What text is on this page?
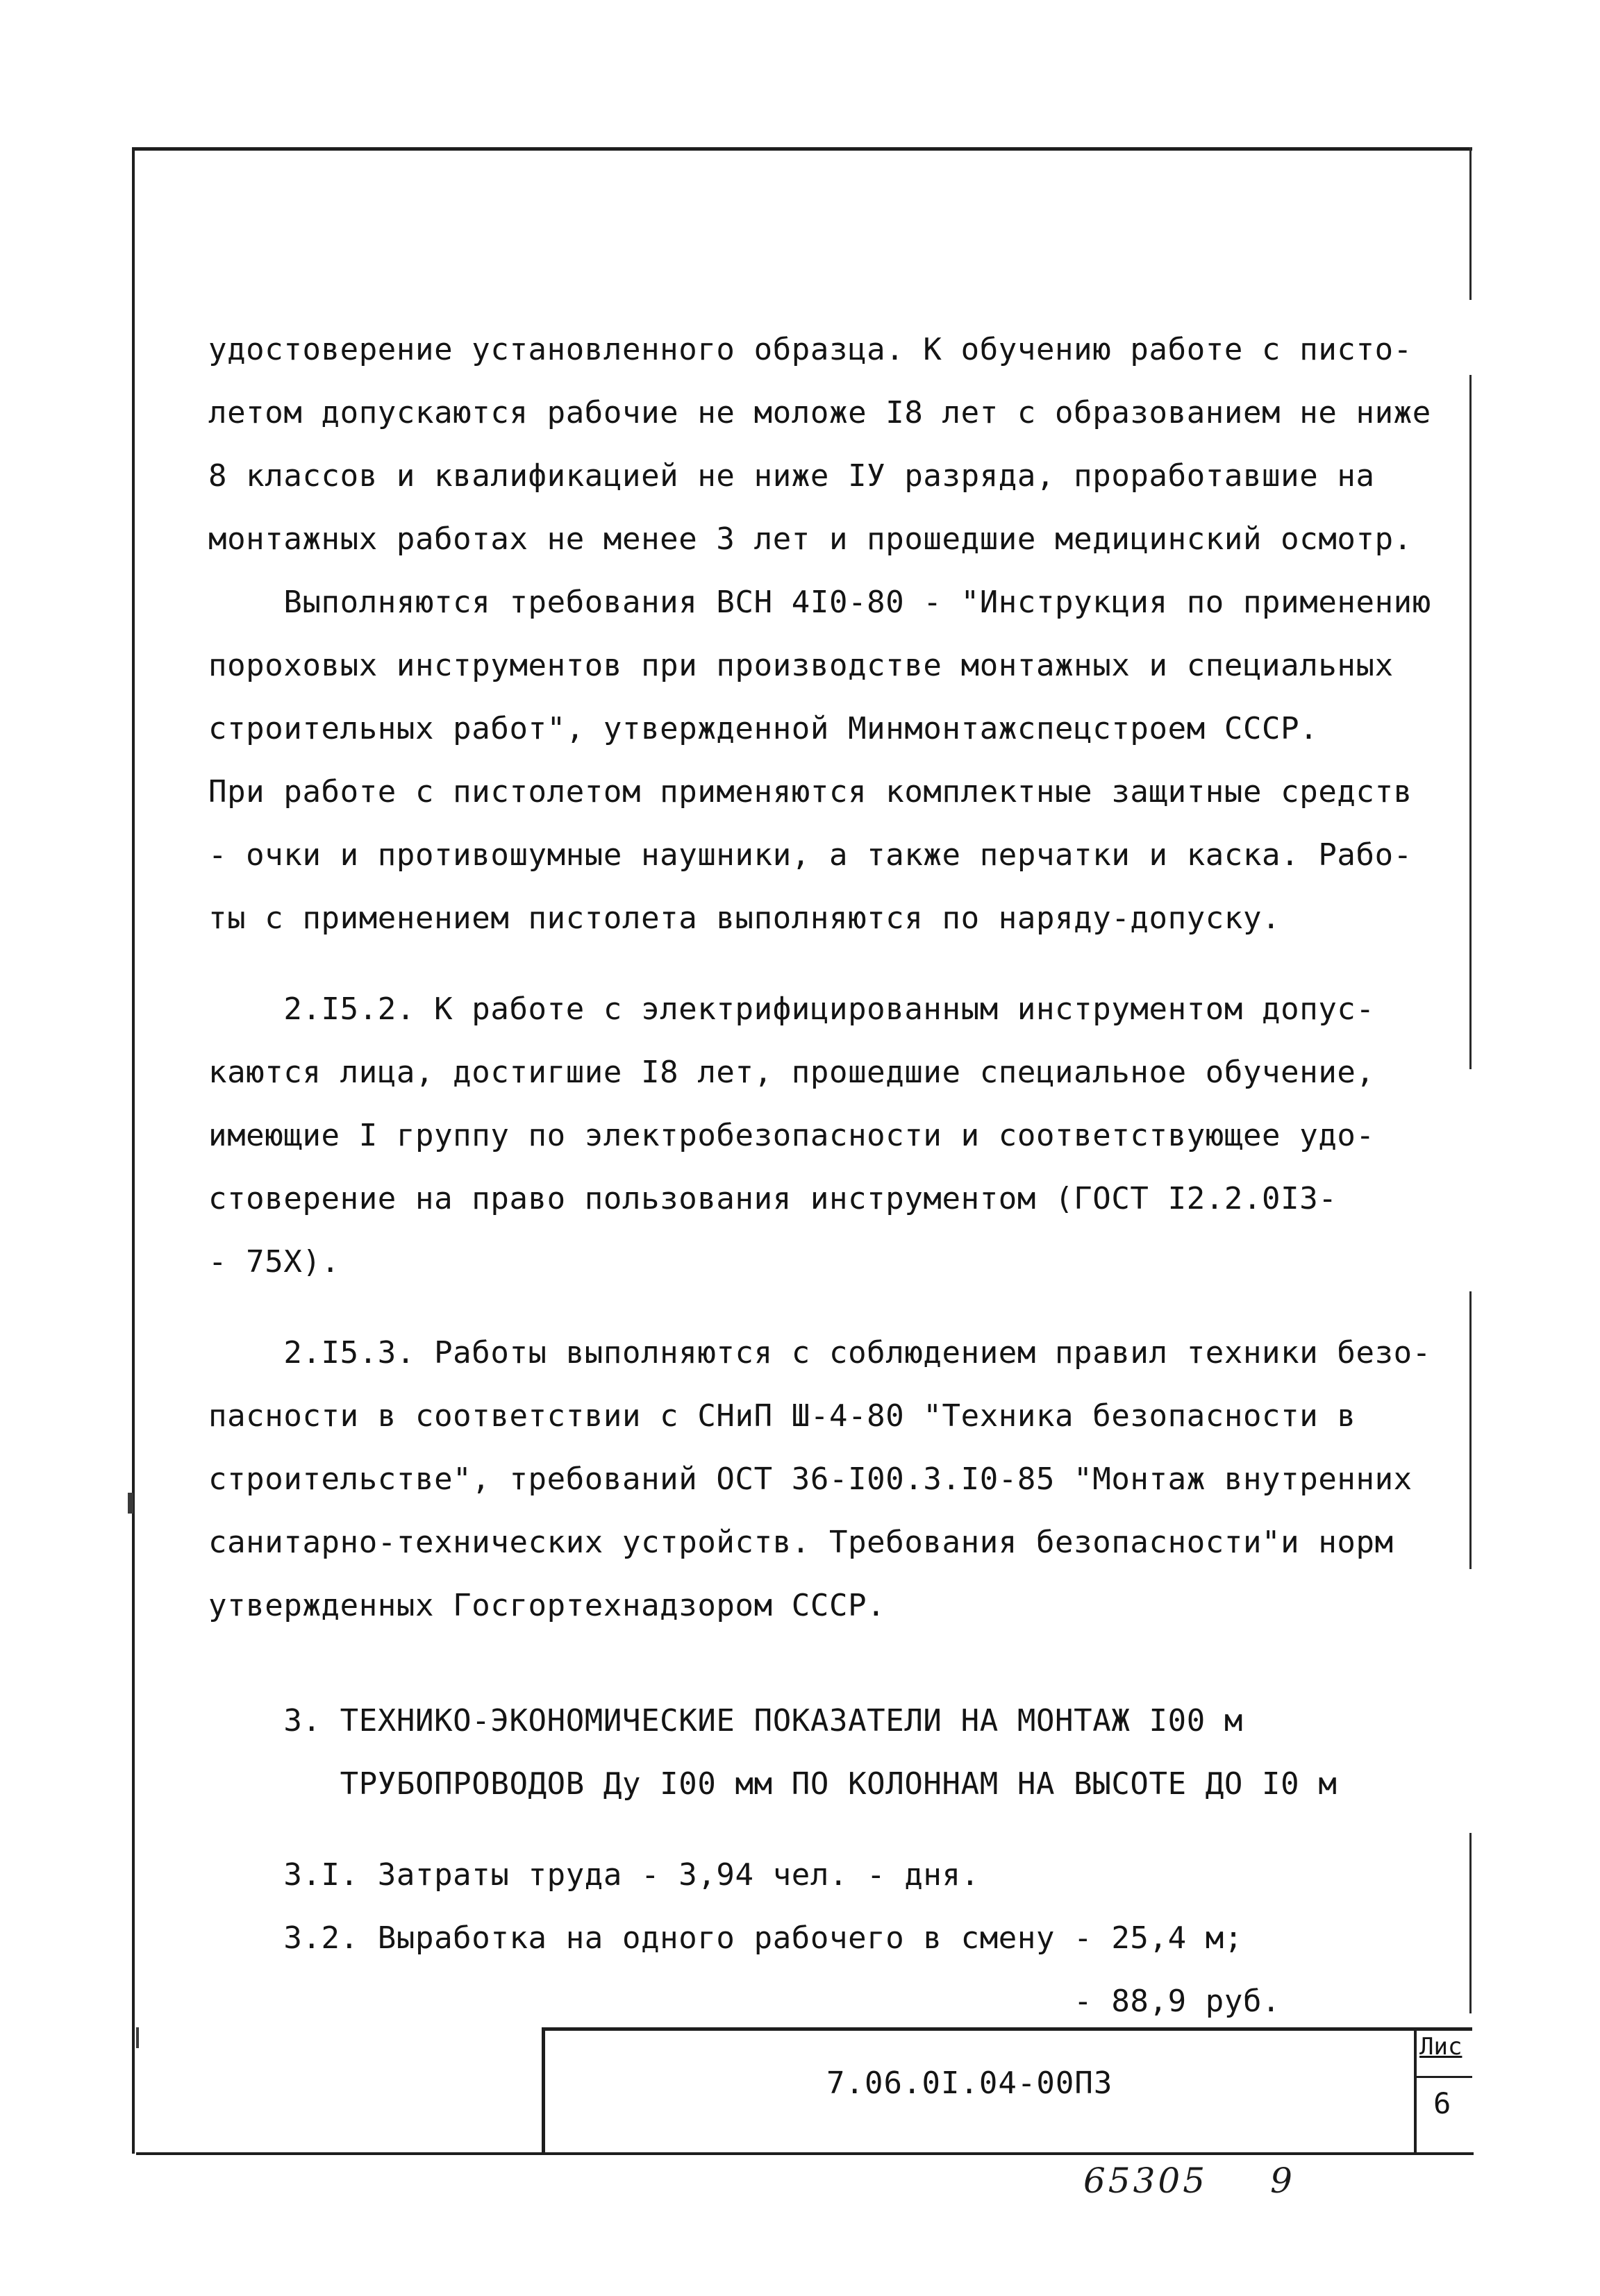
удостоверение установленного образца. К обучению работе с писто-
летом допускаются рабочие не моложе I8 лет с образованием не ниже
8 классов и квалификацией не ниже IУ разряда, проработавшие на
монтажных работах не менее 3 лет и прошедшие медицинский осмотр.
Выполняются требования ВСН 4I0-80 - "Инструкция по применению
пороховых инструментов при производстве монтажных и специальных
строительных работ", утвержденной Минмонтажспецстроем СССР.
При работе с пистолетом применяются комплектные защитные средств
- очки и противошумные наушники, а также перчатки и каска. Рабо-
ты с применением пистолета выполняются по наряду-допуску.
2.I5.2. К работе с электрифицированным инструментом допус-
каются лица, достигшие I8 лет, прошедшие специальное обучение,
имеющие I группу по электробезопасности и соответствующее удо-
стоверение на право пользования инструментом (ГОСТ I2.2.0I3-
- 75Х).
2.I5.3. Работы выполняются с соблюдением правил техники безо-
пасности в соответствии с СНиП Ш-4-80 "Техника безопасности в
строительстве", требований ОСТ 36-I00.3.I0-85 "Монтаж внутренних
санитарно-технических устройств. Требования безопасности"и норм
утвержденных Госгортехнадзором СССР.
3. ТЕХНИКО-ЭКОНОМИЧЕСКИЕ ПОКАЗАТЕЛИ НА МОНТАЖ I00 м
ТРУБОПРОВОДОВ Ду I00 мм ПО КОЛОННАМ НА ВЫСОТЕ ДО I0 м
3.I. Затраты труда - 3,94 чел. - дня.
3.2. Выработка на одного рабочего в смену - 25,4 м;
- 88,9 руб.
7.06.0I.04-00ПЗ
Лис
6
65305 9
